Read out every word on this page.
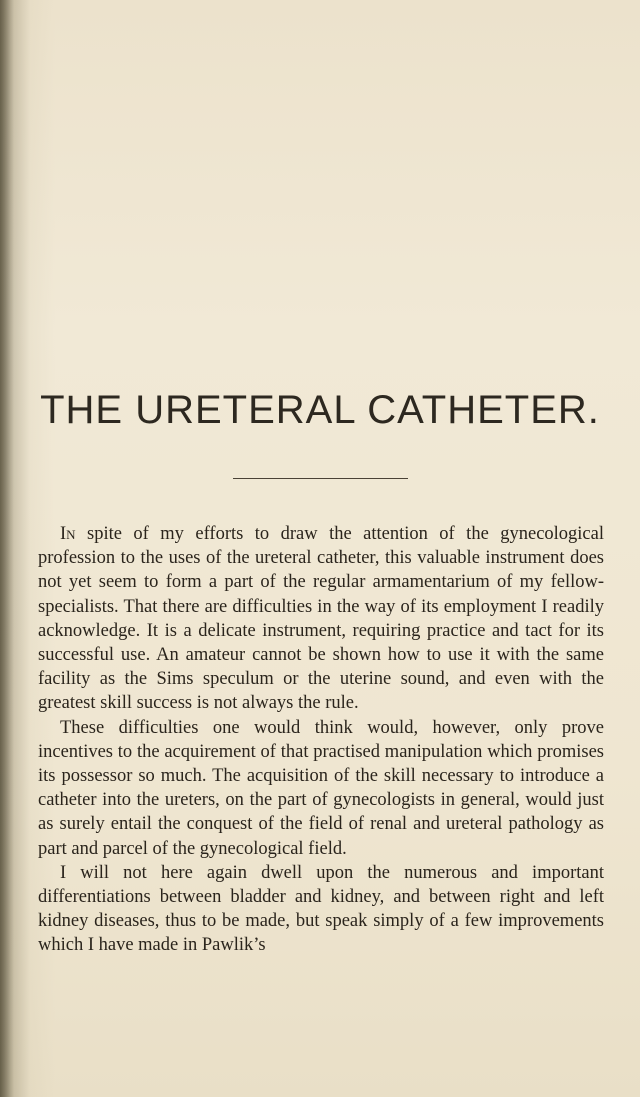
THE URETERAL CATHETER.

In spite of my efforts to draw the attention of the gynecological profession to the uses of the ureteral catheter, this valuable instrument does not yet seem to form a part of the regular armamentarium of my fellow-specialists. That there are difficulties in the way of its employment I readily acknowledge. It is a delicate instrument, requiring practice and tact for its successful use. An amateur cannot be shown how to use it with the same facility as the Sims speculum or the uterine sound, and even with the greatest skill success is not always the rule.

These difficulties one would think would, however, only prove incentives to the acquirement of that practised manipulation which promises its possessor so much. The acquisition of the skill necessary to introduce a catheter into the ureters, on the part of gynecologists in general, would just as surely entail the conquest of the field of renal and ureteral pathology as part and parcel of the gynecological field.

I will not here again dwell upon the numerous and important differentiations between bladder and kidney, and between right and left kidney diseases, thus to be made, but speak simply of a few improvements which I have made in Pawlik’s
